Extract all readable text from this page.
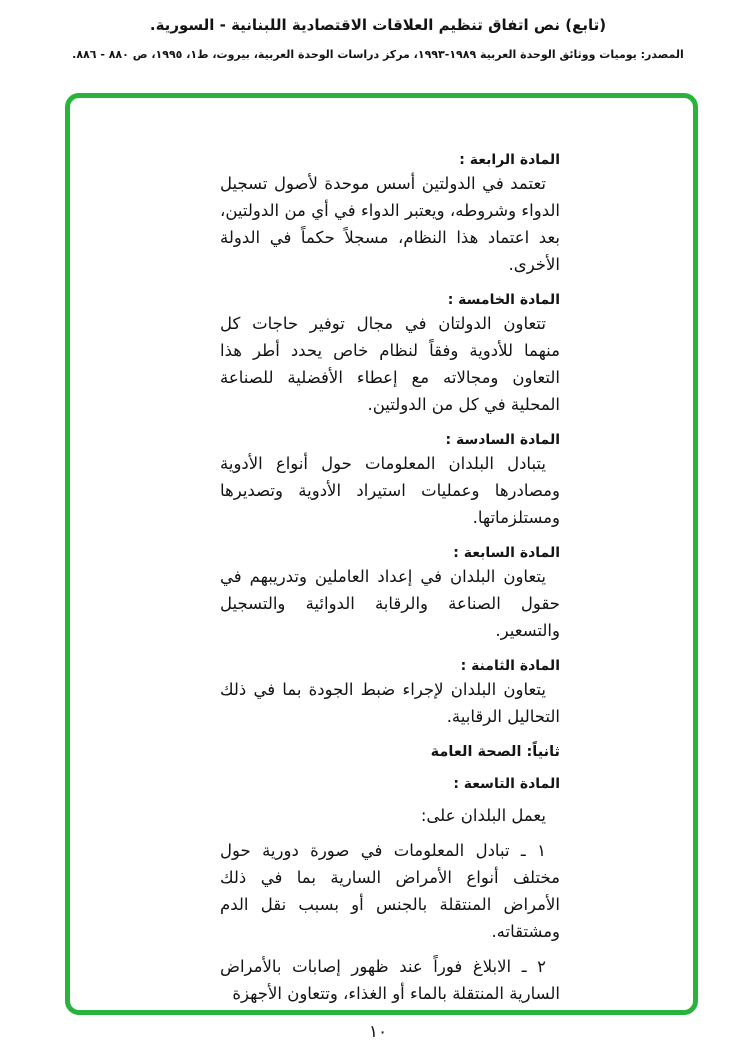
(تابع) نص اتفاق تنظيم العلاقات الاقتصادية اللبنانية - السورية.
المصدر: يوميات ووثائق الوحدة العربية ١٩٨٩-١٩٩٣، مركز دراسات الوحدة العربية، بيروت، ط١، ١٩٩٥، ص ٨٨٠ - ٨٨٦.
المادة الرابعة :

تعتمد في الدولتين أسس موحدة لأصول تسجيل الدواء وشروطه، ويعتبر الدواء في أي من الدولتين، بعد اعتماد هذا النظام، مسجلاً حكماً في الدولة الأخرى.

المادة الخامسة :

تتعاون الدولتان في مجال توفير حاجات كل منهما للأدوية وفقاً لنظام خاص يحدد أطر هذا التعاون ومجالاته مع إعطاء الأفضلية للصناعة المحلية في كل من الدولتين.

المادة السادسة :

يتبادل البلدان المعلومات حول أنواع الأدوية ومصادرها وعمليات استيراد الأدوية وتصديرها ومستلزماتها.

المادة السابعة :

يتعاون البلدان في إعداد العاملين وتدريبهم في حقول الصناعة والرقابة الدوائية والتسجيل والتسعير.

المادة الثامنة :

يتعاون البلدان لإجراء ضبط الجودة بما في ذلك التحاليل الرقابية.

ثانياً: الصحة العامة
المادة التاسعة :

يعمل البلدان على:

١ ـ تبادل المعلومات في صورة دورية حول مختلف أنواع الأمراض السارية بما في ذلك الأمراض المنتقلة بالجنس أو بسبب نقل الدم ومشتقاته.

٢ ـ الابلاغ فوراً عند ظهور إصابات بالأمراض السارية المنتقلة بالماء أو الغذاء، وتتعاون الأجهزة

١٠
